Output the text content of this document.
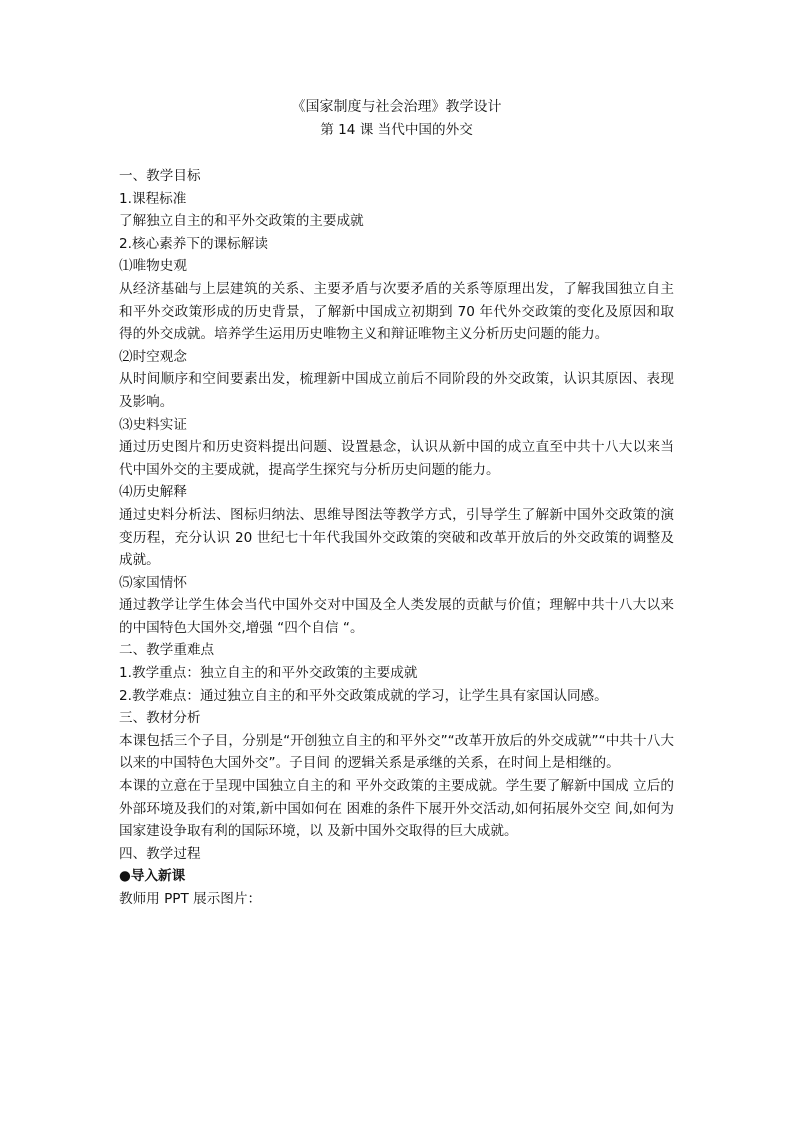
《国家制度与社会治理》教学设计
第 14 课 当代中国的外交

一、教学目标

1.课程标准

了解独立自主的和平外交政策的主要成就

2.核心素养下的课标解读

⑴唯物史观

从经济基础与上层建筑的关系、主要矛盾与次要矛盾的关系等原理出发，了解我国独立自主和平外交政策形成的历史背景，了解新中国成立初期到 70 年代外交政策的变化及原因和取得的外交成就。培养学生运用历史唯物主义和辩证唯物主义分析历史问题的能力。

⑵时空观念

从时间顺序和空间要素出发，梳理新中国成立前后不同阶段的外交政策，认识其原因、表现及影响。

⑶史料实证

通过历史图片和历史资料提出问题、设置悬念，认识从新中国的成立直至中共十八大以来当代中国外交的主要成就，提高学生探究与分析历史问题的能力。

⑷历史解释

通过史料分析法、图标归纳法、思维导图法等教学方式，引导学生了解新中国外交政策的演变历程，充分认识 20 世纪七十年代我国外交政策的突破和改革开放后的外交政策的调整及成就。

⑸家国情怀

通过教学让学生体会当代中国外交对中国及全人类发展的贡献与价值；理解中共十八大以来的中国特色大国外交,增强 “四个自信 “。

二、教学重难点

1.教学重点：独立自主的和平外交政策的主要成就

2.教学难点：通过独立自主的和平外交政策成就的学习，让学生具有家国认同感。

三、教材分析

本课包括三个子目，分别是“开创独立自主的和平外交”“改革开放后的外交成就”“中共十八大以来的中国特色大国外交”。子目间 的逻辑关系是承继的关系，在时间上是相继的。

本课的立意在于呈现中国独立自主的和 平外交政策的主要成就。学生要了解新中国成 立后的外部环境及我们的对策,新中国如何在 困难的条件下展开外交活动,如何拓展外交空 间,如何为国家建设争取有利的国际环境，以 及新中国外交取得的巨大成就。

四、教学过程

●导入新课

教师用 PPT 展示图片：
